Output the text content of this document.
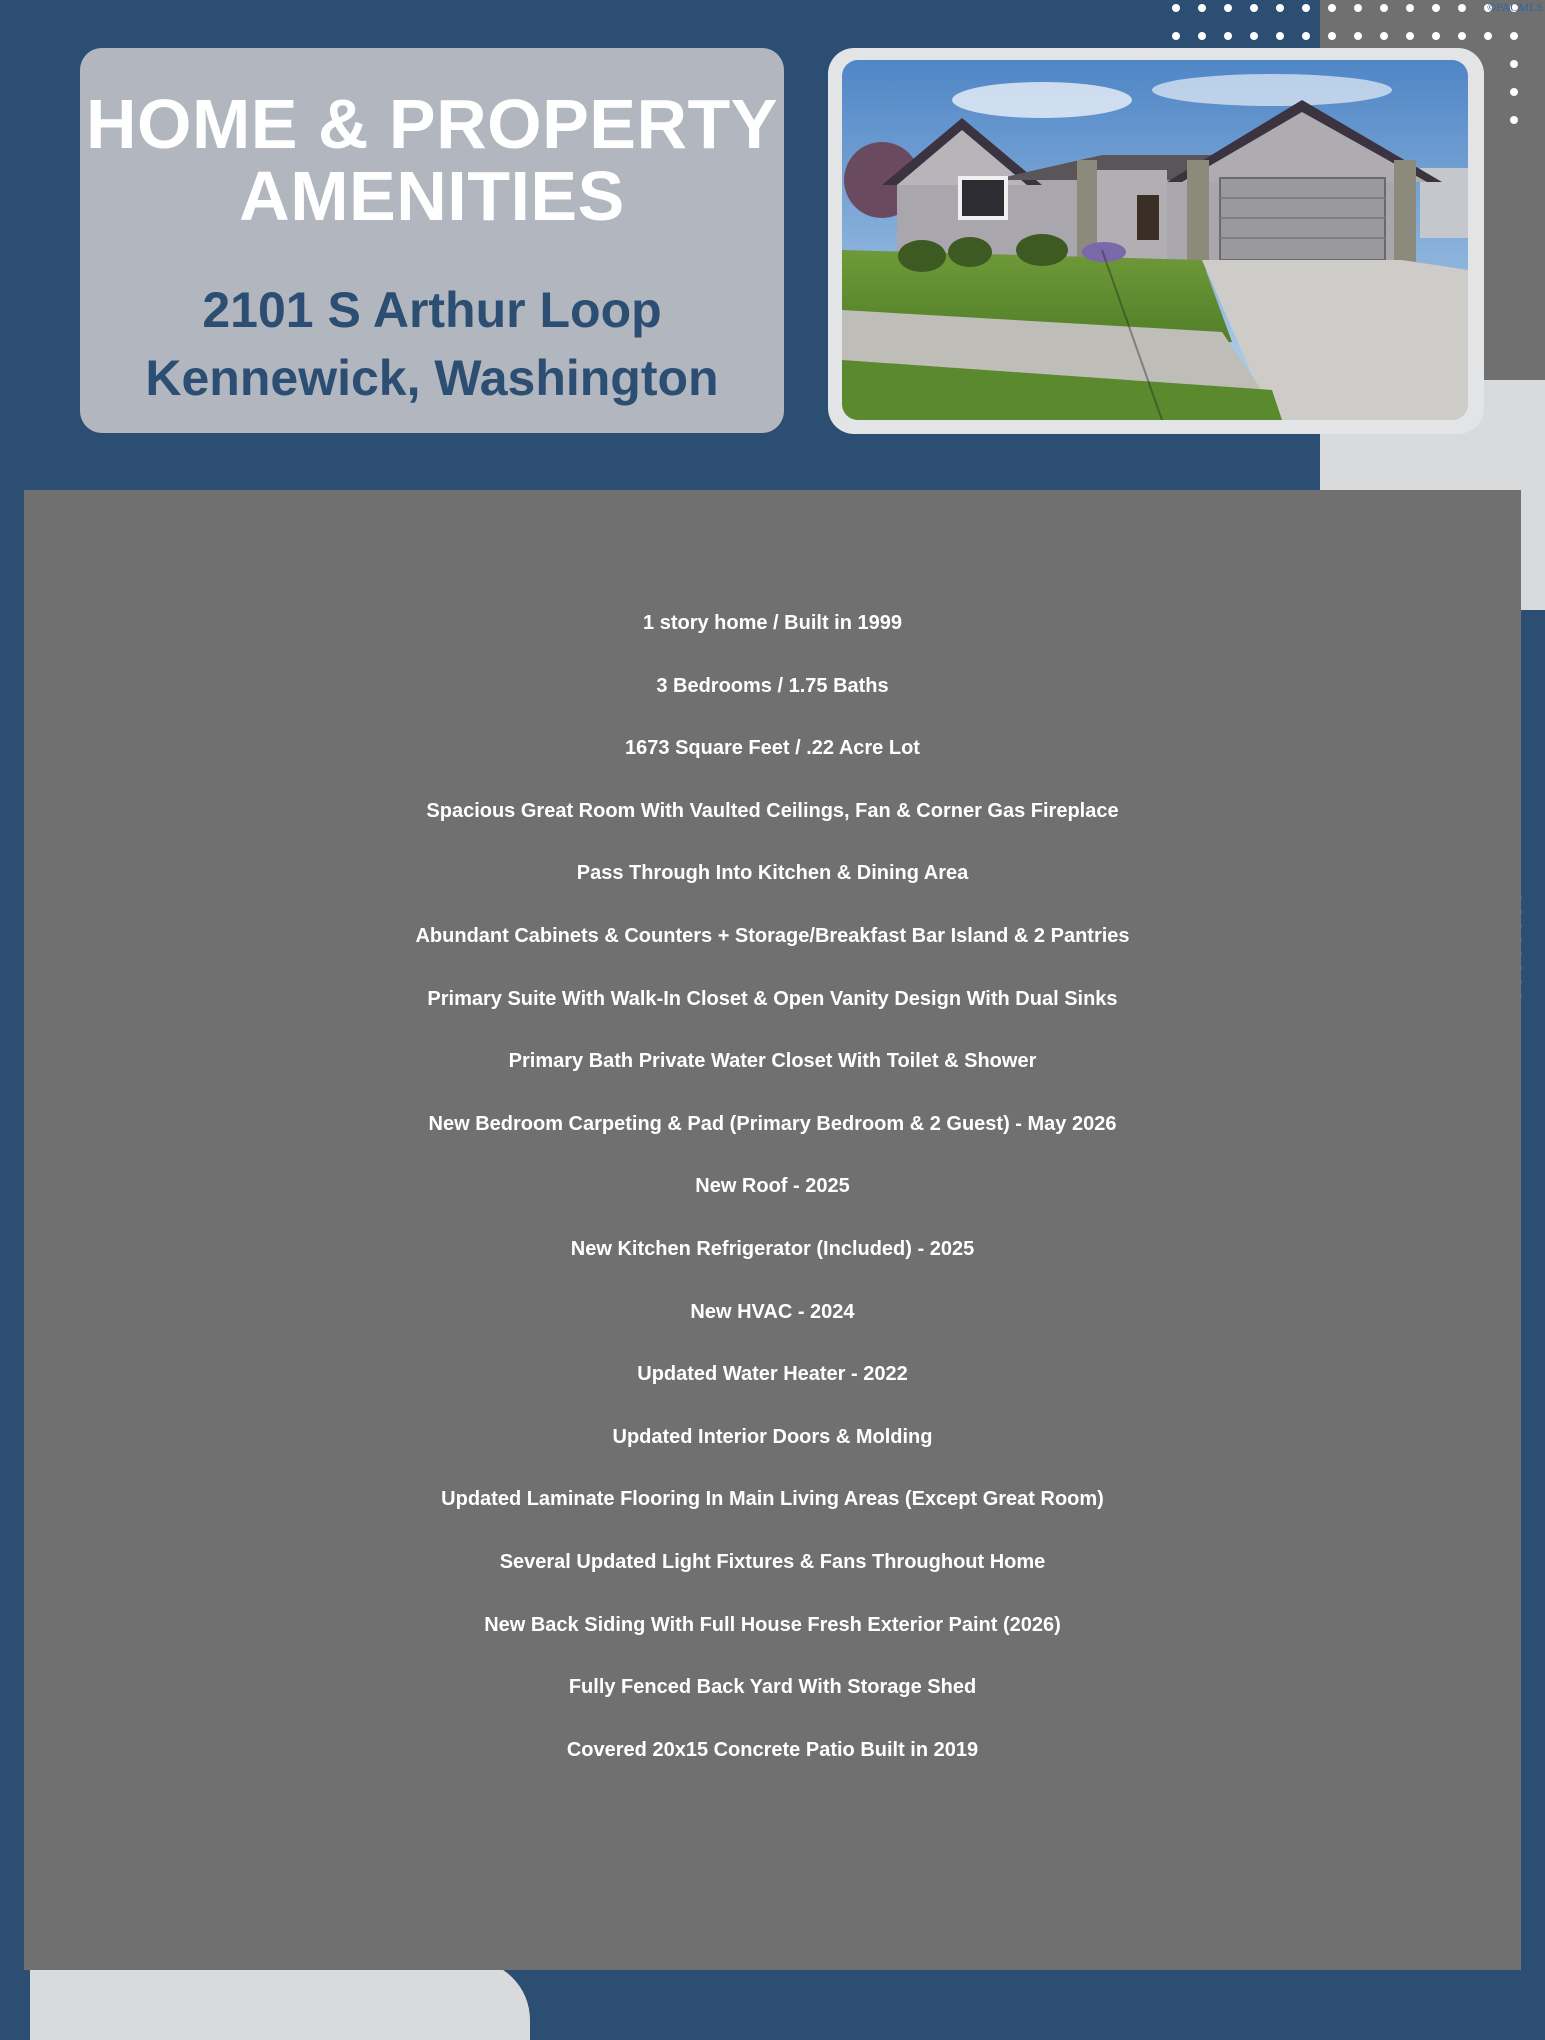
©PACMLS
HOME & PROPERTY AMENITIES
2101 S Arthur Loop
Kennewick, Washington
1 story home / Built in 1999
3 Bedrooms / 1.75 Baths
1673 Square Feet / .22 Acre Lot
Spacious Great Room With Vaulted Ceilings, Fan & Corner Gas Fireplace
Pass Through Into Kitchen & Dining Area
Abundant Cabinets & Counters + Storage/Breakfast Bar Island & 2 Pantries
Primary Suite With Walk-In Closet & Open Vanity Design With Dual Sinks
Primary Bath Private Water Closet With Toilet & Shower
New Bedroom Carpeting & Pad (Primary Bedroom & 2 Guest) - May 2026
New Roof - 2025
New Kitchen Refrigerator (Included) - 2025
New HVAC - 2024
Updated Water Heater - 2022
Updated Interior Doors & Molding
Updated Laminate Flooring In Main Living Areas (Except Great Room)
Several Updated Light Fixtures & Fans Throughout Home
New Back Siding With Full House Fresh Exterior Paint (2026)
Fully Fenced Back Yard With Storage Shed
Covered 20x15 Concrete Patio Built in 2019
